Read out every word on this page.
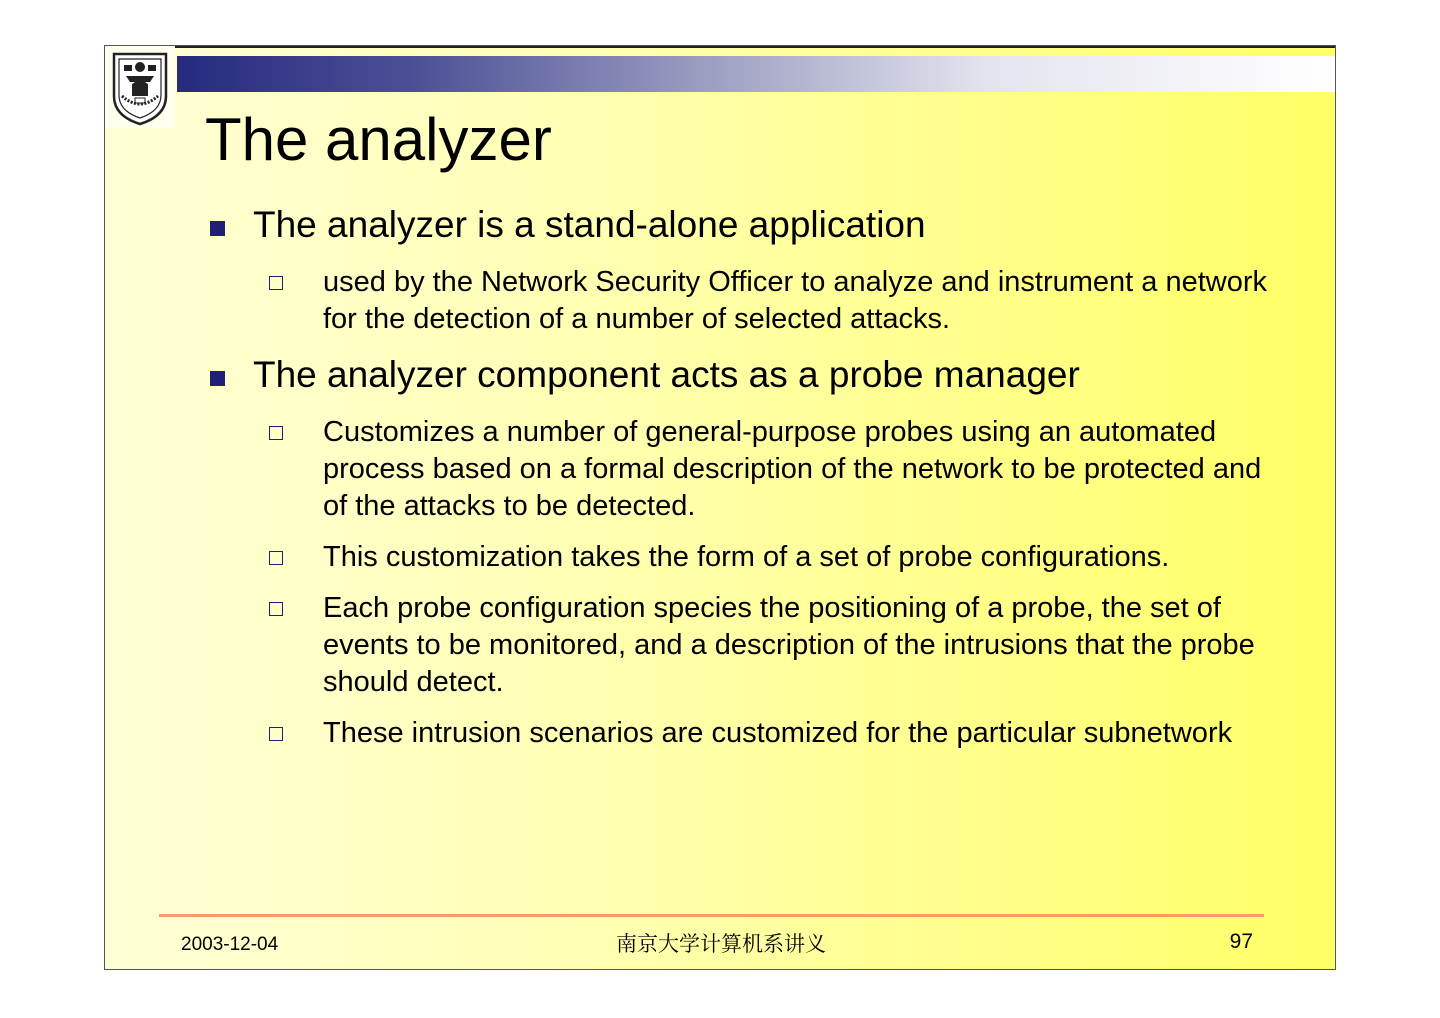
The analyzer
The analyzer is a stand-alone application
used by the Network Security Officer to analyze and instrument a network for the detection of a number of selected attacks.
The analyzer component acts as a probe manager
Customizes a number of general-purpose probes using an automated process based on a formal description of the network to be protected and of the attacks to be detected.
This customization takes the form of a set of probe configurations.
Each probe configuration species the positioning of a probe, the set of events to be monitored, and a description of the intrusions that the probe should detect.
These intrusion scenarios are customized for the particular subnetwork
2003-12-04	南京大学计算机系讲义	97
